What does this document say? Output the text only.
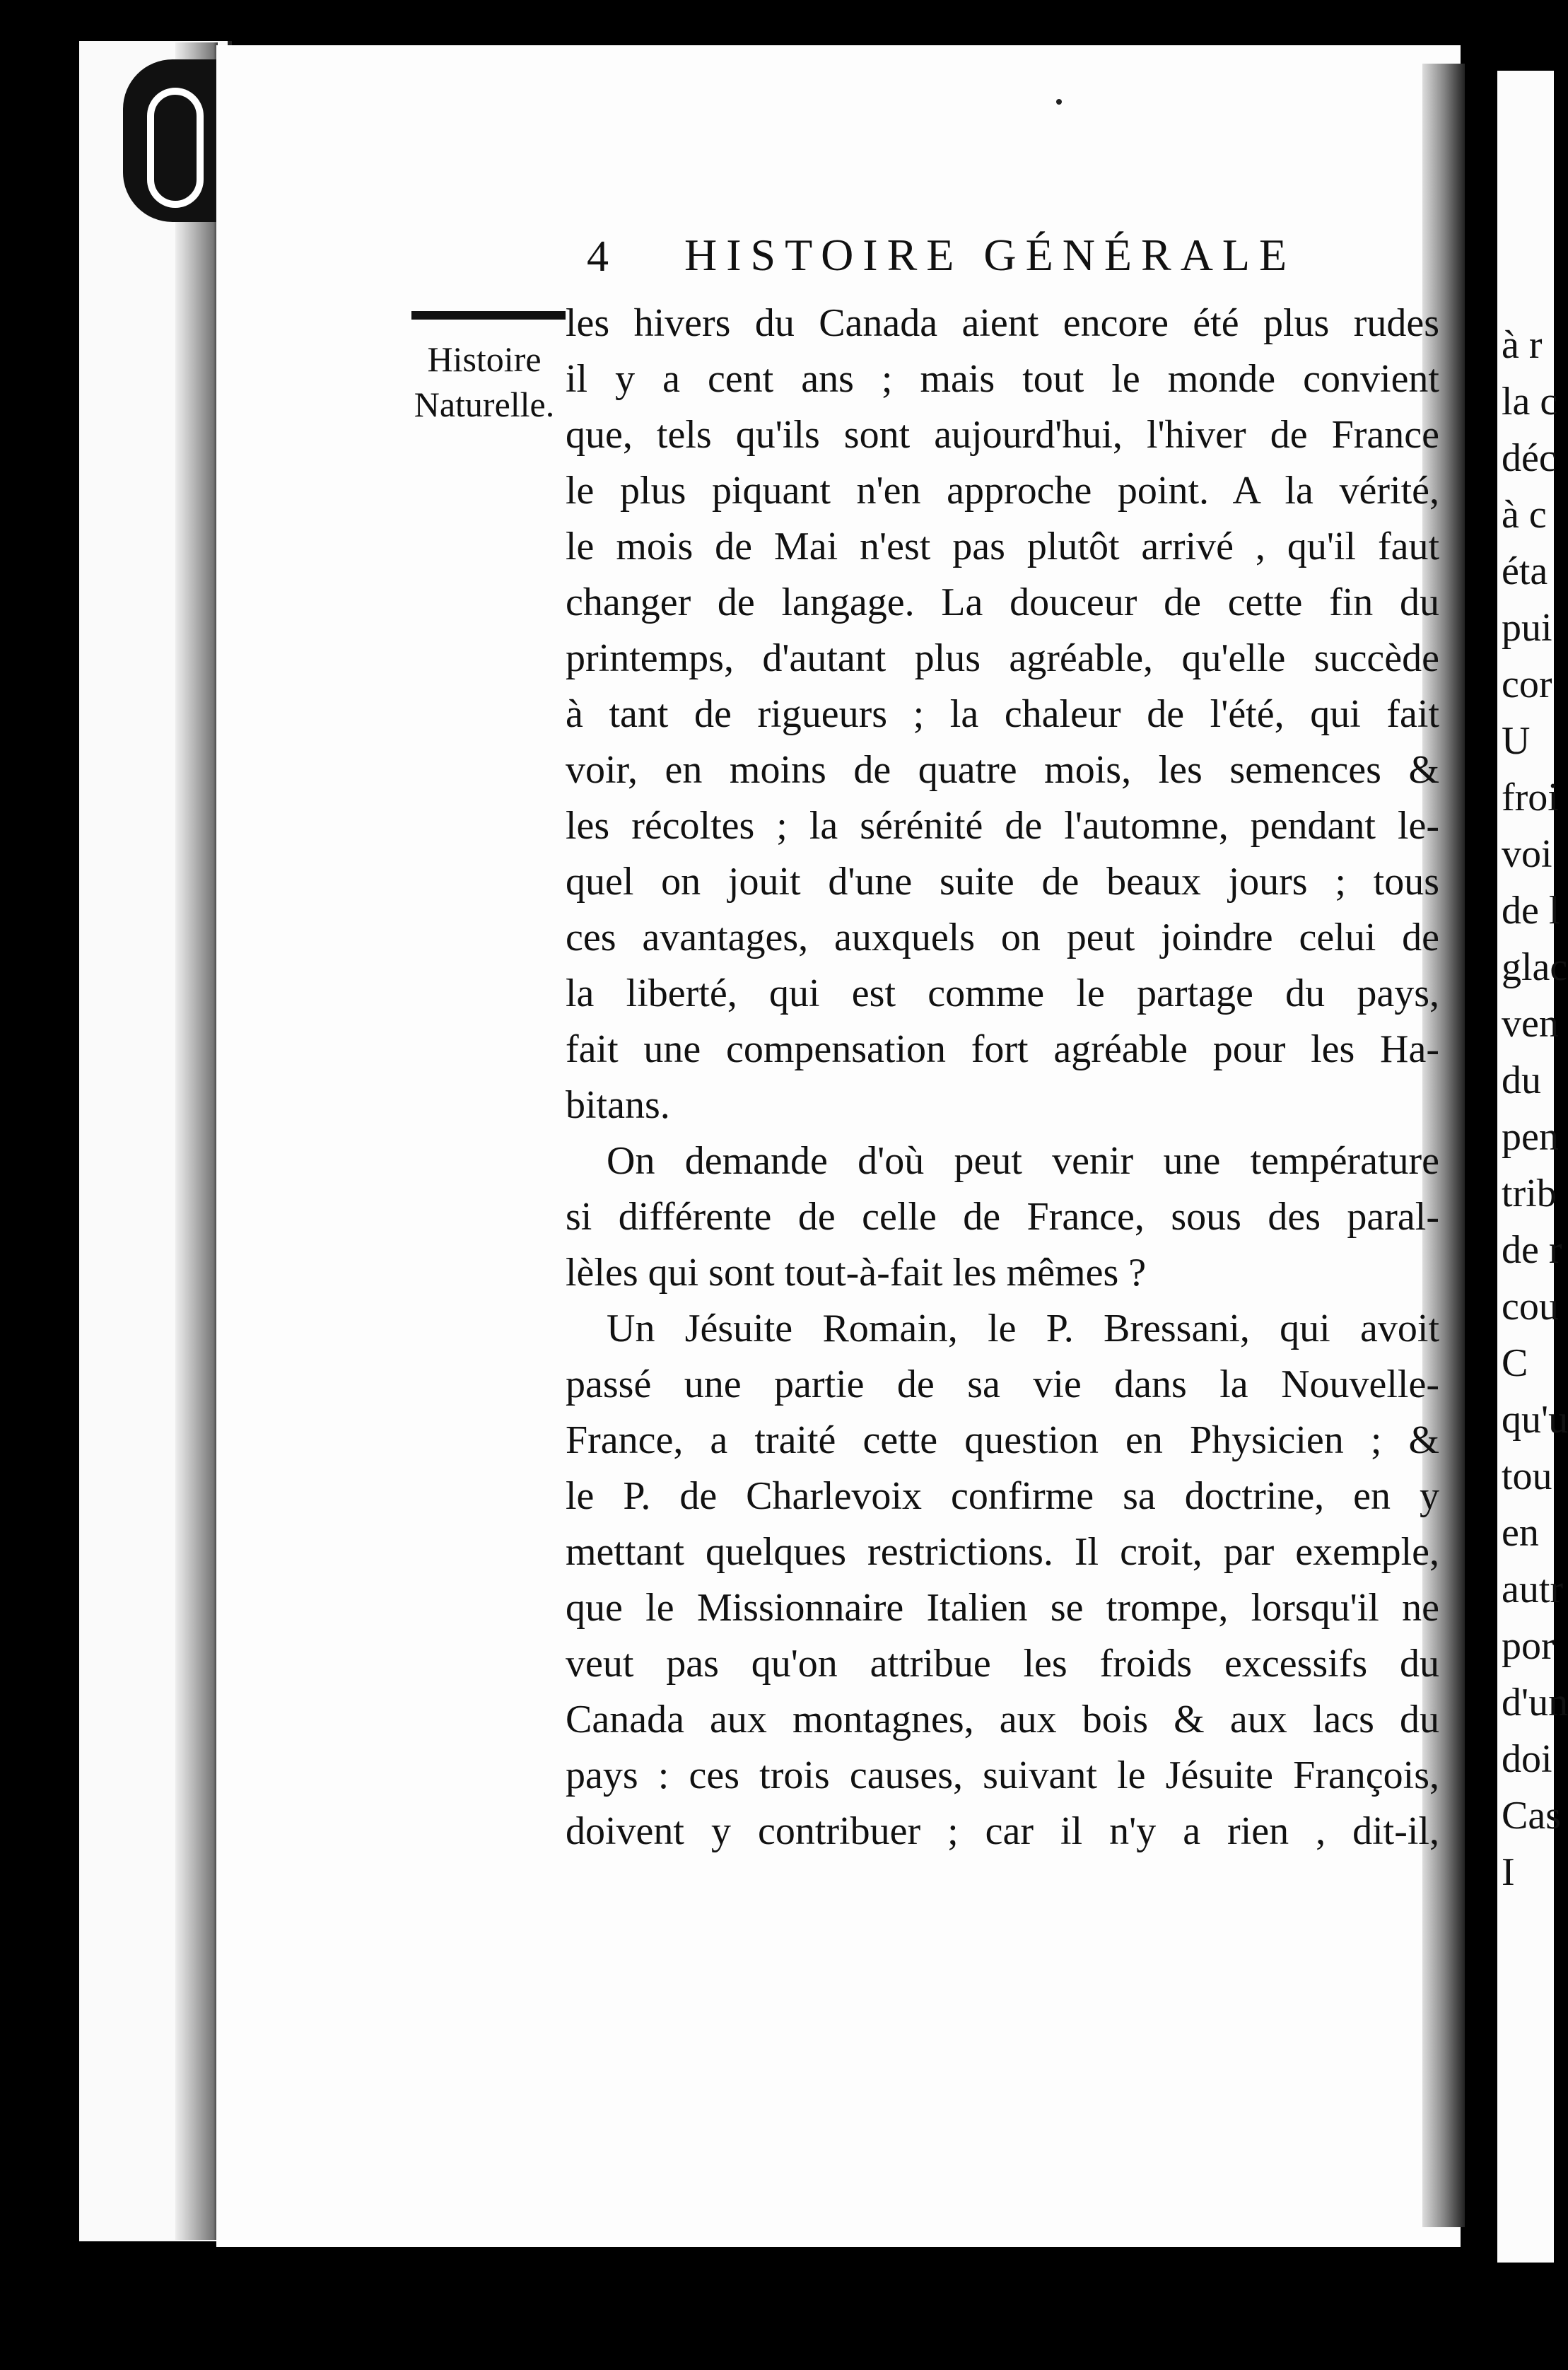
4 HISTOIRE GÉNÉRALE
Histoire
Naturelle.
les hivers du Canada aient encore été plus rudes
il y a cent ans ; mais tout le monde convient
que, tels qu'ils sont aujourd'hui, l'hiver de France
le plus piquant n'en approche point. A la vérité,
le mois de Mai n'est pas plutôt arrivé , qu'il faut
changer de langage. La douceur de cette fin du
printemps, d'autant plus agréable, qu'elle succède
à tant de rigueurs ; la chaleur de l'été, qui fait
voir, en moins de quatre mois, les semences &
les récoltes ; la sérénité de l'automne, pendant le-
quel on jouit d'une suite de beaux jours ; tous
ces avantages, auxquels on peut joindre celui de
la liberté, qui est comme le partage du pays,
fait une compensation fort agréable pour les Ha-
bitans.
On demande d'où peut venir une température
si différente de celle de France, sous des paral-
lèles qui sont tout-à-fait les mêmes ?
Un Jésuite Romain, le P. Bressani, qui avoit
passé une partie de sa vie dans la Nouvelle-
France, a traité cette question en Physicien ; &
le P. de Charlevoix confirme sa doctrine, en y
mettant quelques restrictions. Il croit, par exemple,
que le Missionnaire Italien se trompe, lorsqu'il ne
veut pas qu'on attribue les froids excessifs du
Canada aux montagnes, aux bois & aux lacs du
pays : ces trois causes, suivant le Jésuite François,
doivent y contribuer ; car il n'y a rien , dit-il,
à r
la c
déc
à c
éta
pui
cor
U
froi
voi
de l
glac
ven
du
pen
trib
de r
cou
C
qu'u
tou
en
autr
por
d'un
doi
Cas
I
